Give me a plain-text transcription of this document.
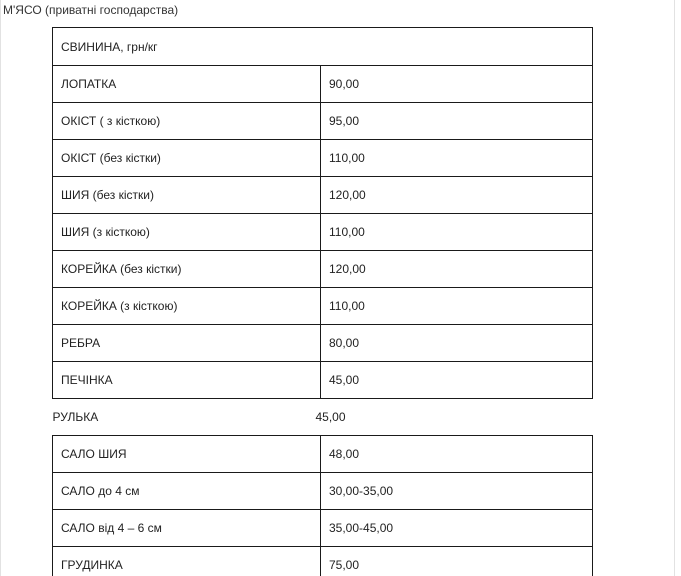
М'ЯСО (приватні господарства)
СВИНИНА, грн/кг
ЛОПАТКА	90,00
ОКІСТ ( з кісткою)	95,00
ОКІСТ (без кістки)	110,00
ШИЯ (без кістки)	120,00
ШИЯ (з кісткою)	110,00
КОРЕЙКА (без кістки)	120,00
КОРЕЙКА (з кісткою)	110,00
РЕБРА	80,00
ПЕЧІНКА	45,00
РУЛЬКА	45,00
САЛО ШИЯ	48,00
САЛО до 4 см	30,00-35,00
САЛО від 4 – 6 см	35,00-45,00
ГРУДИНКА	75,00
